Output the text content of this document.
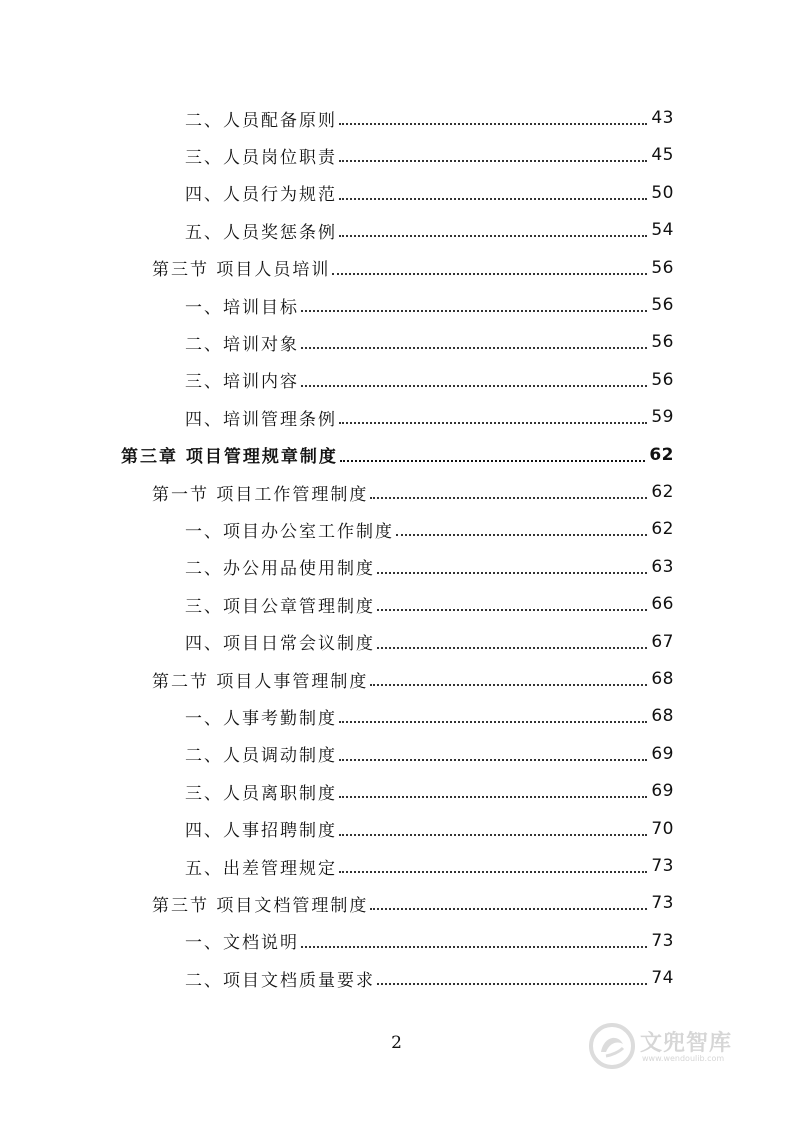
二、人员配备原则	43
三、人员岗位职责	45
四、人员行为规范	50
五、人员奖惩条例	54
第三节 项目人员培训	56
一、培训目标	56
二、培训对象	56
三、培训内容	56
四、培训管理条例	59
第三章 项目管理规章制度	62
第一节 项目工作管理制度	62
一、项目办公室工作制度	62
二、办公用品使用制度	63
三、项目公章管理制度	66
四、项目日常会议制度	67
第二节 项目人事管理制度	68
一、人事考勤制度	68
二、人员调动制度	69
三、人员离职制度	69
四、人事招聘制度	70
五、出差管理规定	73
第三节 项目文档管理制度	73
一、文档说明	73
二、项目文档质量要求	74
2	文兜智库
www.wendoulib.com
